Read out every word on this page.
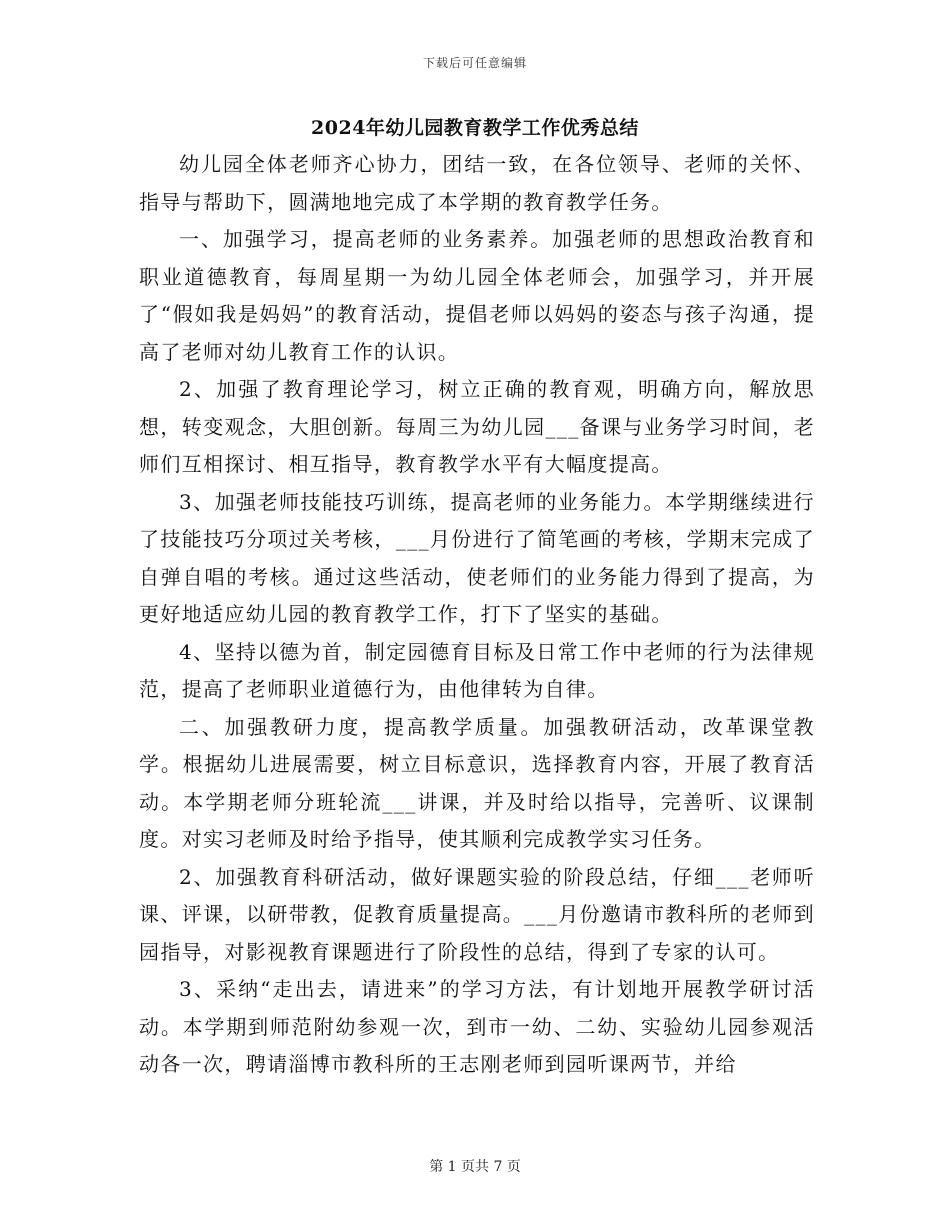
下载后可任意编辑
2024年幼儿园教育教学工作优秀总结

幼儿园全体老师齐心协力，团结一致，在各位领导、老师的关怀、指导与帮助下，圆满地地完成了本学期的教育教学任务。

一、加强学习，提高老师的业务素养。加强老师的思想政治教育和职业道德教育，每周星期一为幼儿园全体老师会，加强学习，并开展了“假如我是妈妈”的教育活动，提倡老师以妈妈的姿态与孩子沟通，提高了老师对幼儿教育工作的认识。

2、加强了教育理论学习，树立正确的教育观，明确方向，解放思想，转变观念，大胆创新。每周三为幼儿园___备课与业务学习时间，老师们互相探讨、相互指导，教育教学水平有大幅度提高。

3、加强老师技能技巧训练，提高老师的业务能力。本学期继续进行了技能技巧分项过关考核，___月份进行了简笔画的考核，学期末完成了自弹自唱的考核。通过这些活动，使老师们的业务能力得到了提高，为更好地适应幼儿园的教育教学工作，打下了坚实的基础。

4、坚持以德为首，制定园德育目标及日常工作中老师的行为法律规范，提高了老师职业道德行为，由他律转为自律。

二、加强教研力度，提高教学质量。加强教研活动，改革课堂教学。根据幼儿进展需要，树立目标意识，选择教育内容，开展了教育活动。本学期老师分班轮流___讲课，并及时给以指导，完善听、议课制度。对实习老师及时给予指导，使其顺利完成教学实习任务。

2、加强教育科研活动，做好课题实验的阶段总结，仔细___老师听课、评课，以研带教，促教育质量提高。___月份邀请市教科所的老师到园指导，对影视教育课题进行了阶段性的总结，得到了专家的认可。

3、采纳“走出去，请进来”的学习方法，有计划地开展教学研讨活动。本学期到师范附幼参观一次，到市一幼、二幼、实验幼儿园参观活动各一次，聘请淄博市教科所的王志刚老师到园听课两节，并给

第 1 页共 7 页
